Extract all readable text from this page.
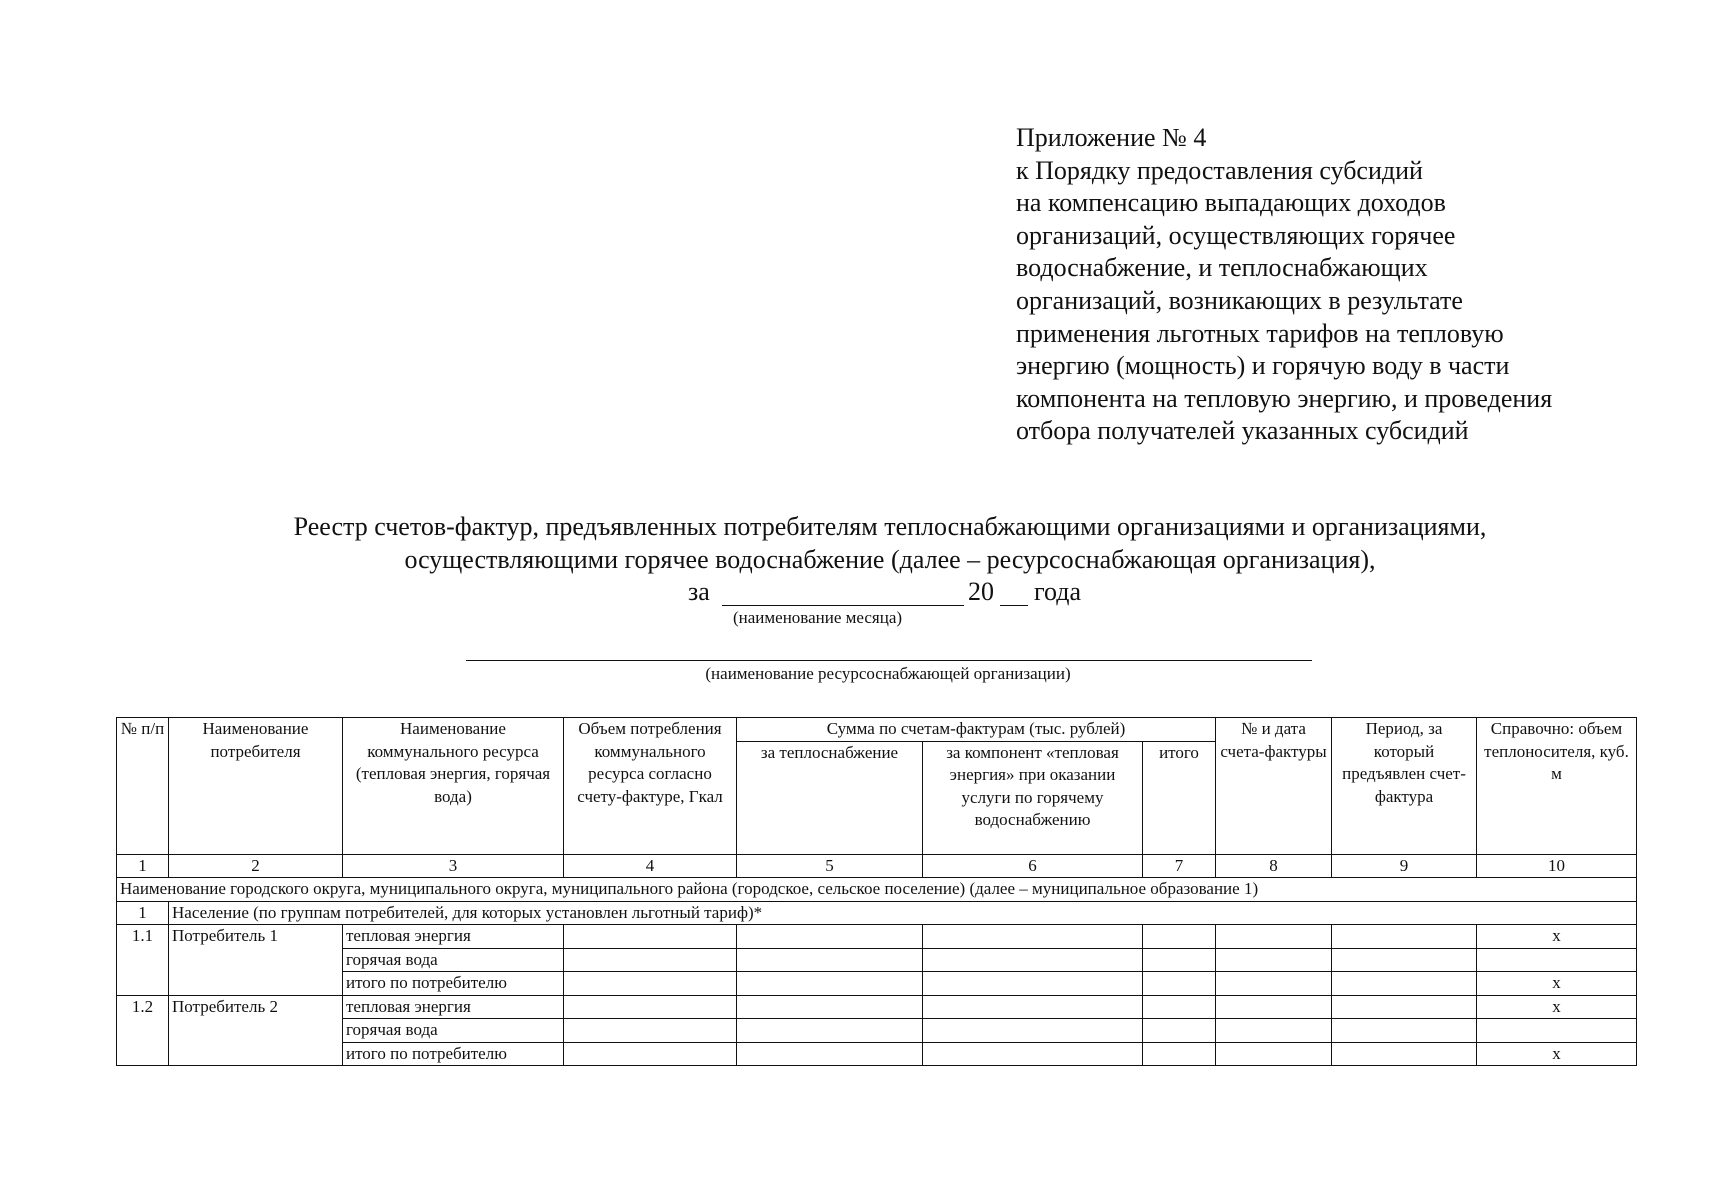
Приложение № 4
к Порядку предоставления субсидий
на компенсацию выпадающих доходов
организаций, осуществляющих горячее
водоснабжение, и теплоснабжающих
организаций, возникающих в результате
применения льготных тарифов на тепловую
энергию (мощность) и горячую воду в части
компонента на тепловую энергию, и проведения
отбора получателей указанных субсидий
Реестр счетов-фактур, предъявленных потребителям теплоснабжающими организациями и организациями,
осуществляющими горячее водоснабжение (далее – ресурсоснабжающая организация),
за	20 года
(наименование месяца)
(наименование ресурсоснабжающей организации)
№ п/п	Наименование потребителя	Наименование коммунального ресурса (тепловая энергия, горячая вода)	Объем потребления коммунального ресурса согласно счету-фактуре, Гкал	Сумма по счетам-фактурам (тыс. рублей)			№ и дата счета-фактуры	Период, за который предъявлен счет-фактура	Справочно: объем теплоносителя, куб. м
				за теплоснабжение	за компонент «тепловая энергия» при оказании услуги по горячему водоснабжению	итого			
1	2	3	4	5	6	7	8	9	10
Наименование городского округа, муниципального округа, муниципального района (городское, сельское поселение) (далее – муниципальное образование 1)									
1	Население (по группам потребителей, для которых установлен льготный тариф)*								
1.1	Потребитель 1	тепловая энергия							х
		горячая вода							
		итого по потребителю							х
1.2	Потребитель 2	тепловая энергия							х
		горячая вода							
		итого по потребителю							х
